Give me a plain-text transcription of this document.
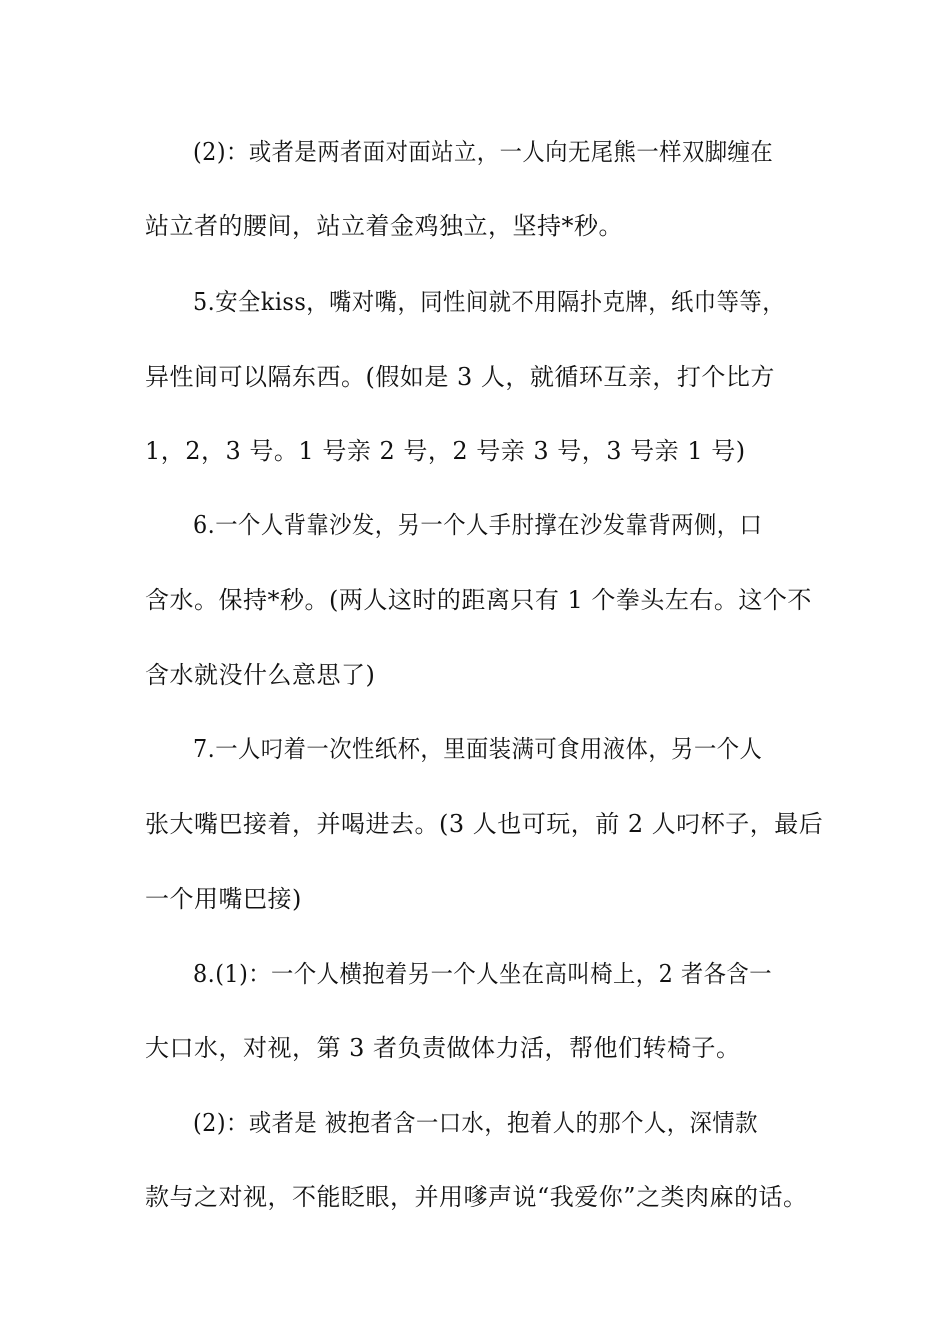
(2)：或者是两者面对面站立，一人向无尾熊一样双脚缠在
站立者的腰间，站立着金鸡独立，坚持*秒。
5.安全kiss，嘴对嘴，同性间就不用隔扑克牌，纸巾等等，
异性间可以隔东西。(假如是 3 人，就循环互亲，打个比方
1，2，3 号。1 号亲 2 号，2 号亲 3 号，3 号亲 1 号)
6.一个人背靠沙发，另一个人手肘撑在沙发靠背两侧，口
含水。保持*秒。(两人这时的距离只有 1 个拳头左右。这个不
含水就没什么意思了)
7.一人叼着一次性纸杯，里面装满可食用液体，另一个人
张大嘴巴接着，并喝进去。(3 人也可玩，前 2 人叼杯子，最后
一个用嘴巴接)
8.(1)：一个人横抱着另一个人坐在高叫椅上，2 者各含一
大口水，对视，第 3 者负责做体力活，帮他们转椅子。
(2)：或者是 被抱者含一口水，抱着人的那个人，深情款
款与之对视，不能眨眼，并用嗲声说“我爱你”之类肉麻的话。
